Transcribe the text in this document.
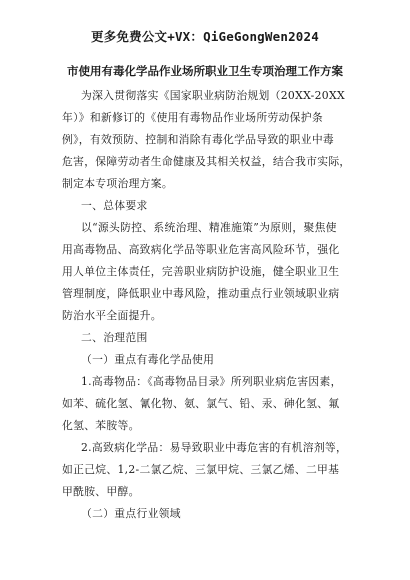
更多免费公文+VX：QiGeGongWen2024
市使用有毒化学品作业场所职业卫生专项治理工作方案
为深入贯彻落实《国家职业病防治规划（20XX-20XX
年）》和新修订的《使用有毒物品作业场所劳动保护条
例》，有效预防、控制和消除有毒化学品导致的职业中毒
危害，保障劳动者生命健康及其相关权益，结合我市实际，
制定本专项治理方案。
一、总体要求
以“源头防控、系统治理、精准施策”为原则，聚焦使
用高毒物品、高致病化学品等职业危害高风险环节，强化
用人单位主体责任，完善职业病防护设施，健全职业卫生
管理制度，降低职业中毒风险，推动重点行业领域职业病
防治水平全面提升。
二、治理范围
（一）重点有毒化学品使用
1.高毒物品：《高毒物品目录》所列职业病危害因素，
如苯、硫化氢、氰化物、氨、氯气、铅、汞、砷化氢、氟
化氢、苯胺等。
2.高致病化学品：易导致职业中毒危害的有机溶剂等，
如正己烷、1,2-二氯乙烷、三氯甲烷、三氯乙烯、二甲基
甲酰胺、甲醇。
（二）重点行业领域
